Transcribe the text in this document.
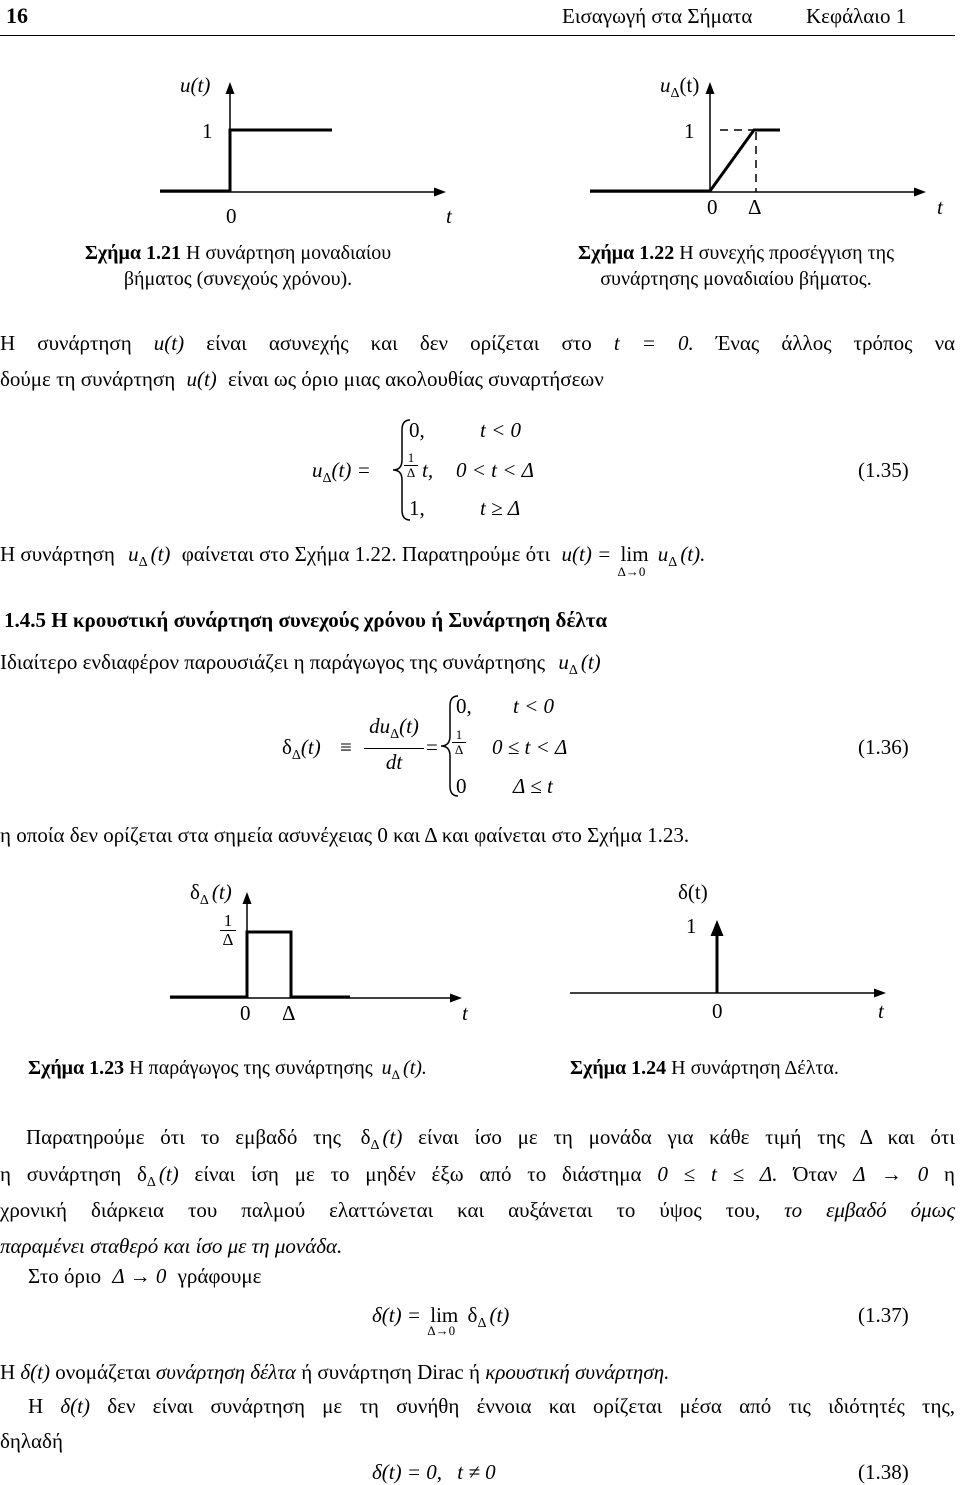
16	Εισαγωγή στα Σήματα	Κεφάλαιο 1
u(t)
1
0	t
Σχήμα 1.21 Η συνάρτηση μοναδιαίου
βήματος (συνεχούς χρόνου).
$u_\Delta(t)$
1
0 Δ	t
Σχήμα 1.22 Η συνεχής προσέγγιση της
συνάρτησης μοναδιαίου βήματος.
Η συνάρτηση u(t) είναι ασυνεχής και δεν ορίζεται στο t = 0. Ένας άλλος τρόπος να
δούμε τη συνάρτηση u(t) είναι ως όριο μιας ακολουθίας συναρτήσεων
$u_\Delta(t)$ =
0,	t < 0
1
Δ t, 0 < t < Δ
1,	t ≥ Δ
(1.35)
Η συνάρτηση $u_\Delta$ (t) φαίνεται στο Σχήμα 1.22. Παρατηρούμε ότι u(t) = lim
Δ→0
$u_\Delta$ (t).
1.4.5 Η κρουστική συνάρτηση συνεχούς χρόνου ή Συνάρτηση δέλτα
Ιδιαίτερο ενδιαφέρον παρουσιάζει η παράγωγος της συνάρτησης $u_\Delta$ (t)
$\delta_\Delta(t)$ ≡
$du_\Delta(t)$
dt
=
0, t < 0
1
Δ 0 ≤ t < Δ
0 Δ ≤ t
(1.36)
η οποία δεν ορίζεται στα σημεία ασυνέχειας 0 και Δ και φαίνεται στο Σχήμα 1.23.
$\delta_\Delta$ (t)
1
Δ
0 Δ	t
Σχήμα 1.23 Η παράγωγος της συνάρτησης $u_\Delta$ (t).
δ(t)
1
0	t
Σχήμα 1.24 Η συνάρτηση Δέλτα.
Παρατηρούμε ότι το εμβαδό της $\delta_\Delta$ (t) είναι ίσο με τη μονάδα για κάθε τιμή της Δ και ότι
η συνάρτηση $\delta_\Delta$ (t) είναι ίση με το μηδέν έξω από το διάστημα 0 ≤ t ≤ Δ. Όταν Δ → 0 η
χρονική διάρκεια του παλμού ελαττώνεται και αυξάνεται το ύψος του, το εμβαδό όμως
παραμένει σταθερό και ίσο με τη μονάδα.
Στο όριο Δ → 0 γράφουμε
δ(t) = lim
Δ→0
$\delta_\Delta$ (t)	(1.37)
Η δ(t) ονομάζεται συνάρτηση δέλτα ή συνάρτηση Dirac ή κρουστική συνάρτηση.
Η δ(t) δεν είναι συνάρτηση με τη συνήθη έννοια και ορίζεται μέσα από τις ιδιότητές της,
δηλαδή
δ(t) = 0, t ≠ 0	(1.38)
